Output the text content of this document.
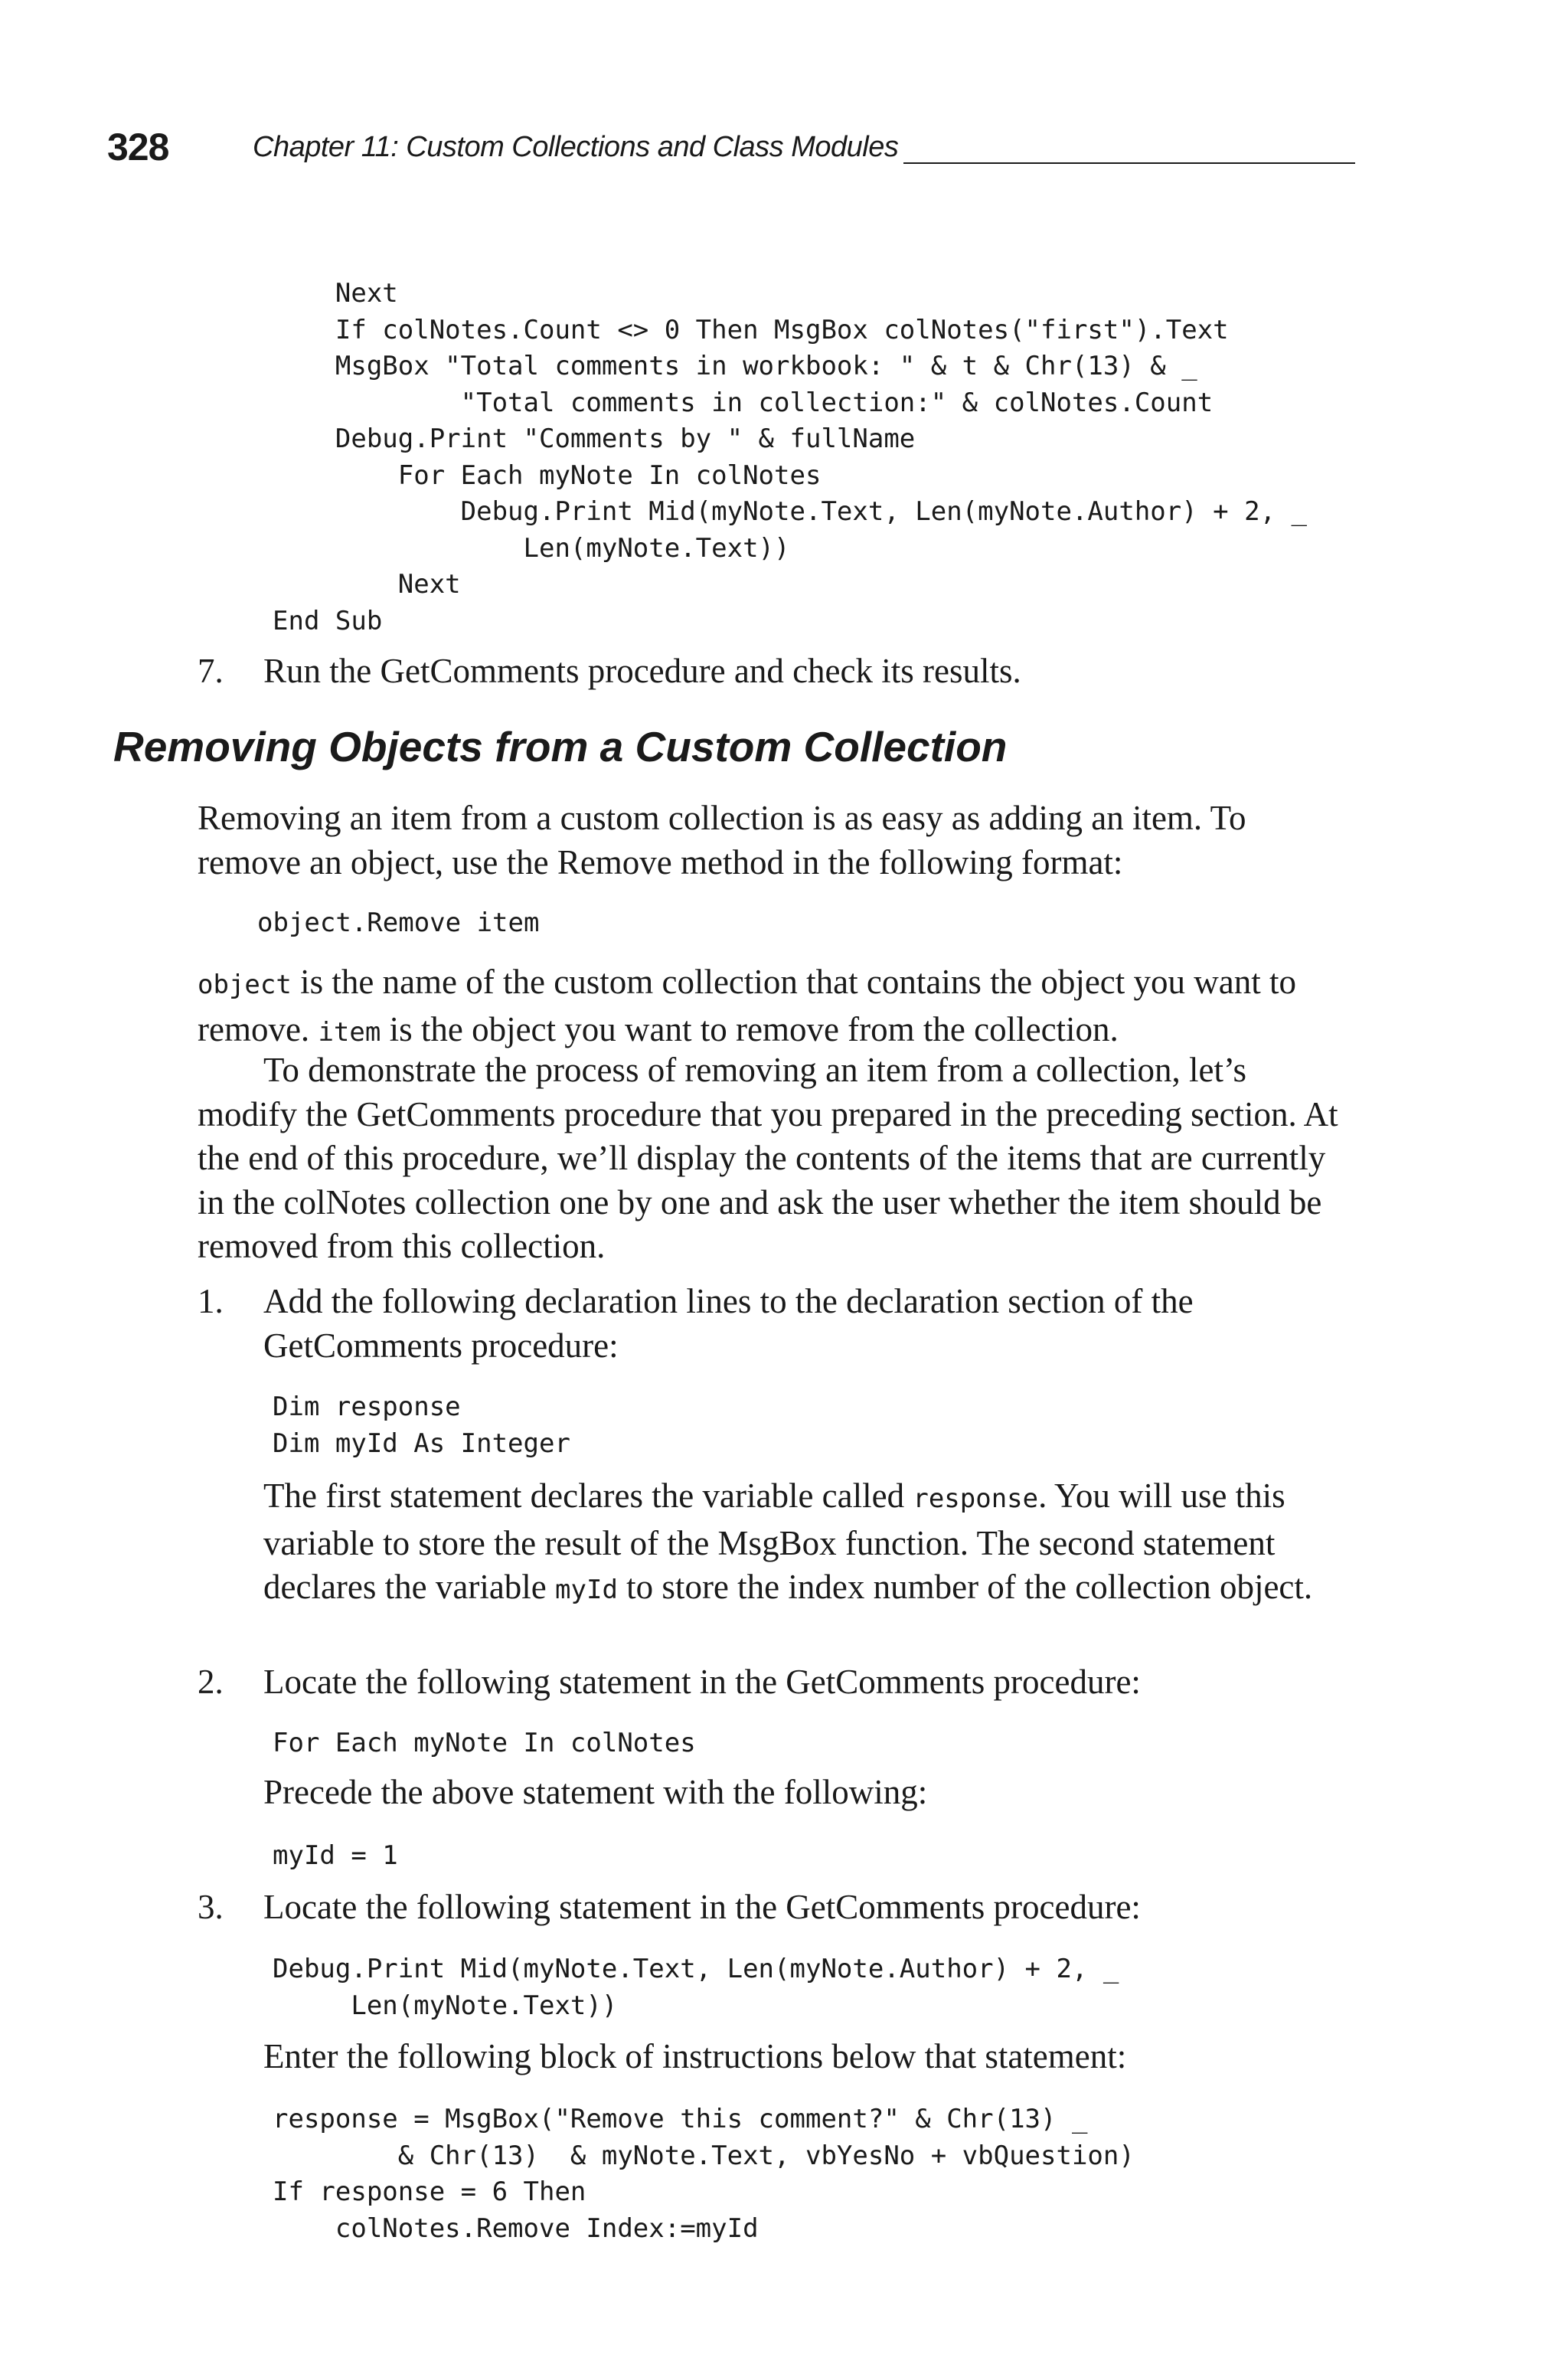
328	Chapter 11: Custom Collections and Class Modules
Next
If colNotes.Count <> 0 Then MsgBox colNotes("first").Text
MsgBox "Total comments in workbook: " & t & Chr(13) & _
"Total comments in collection:" & colNotes.Count
Debug.Print "Comments by " & fullName
For Each myNote In colNotes
Debug.Print Mid(myNote.Text, Len(myNote.Author) + 2, _
Len(myNote.Text))
Next
End Sub
7. Run the GetComments procedure and check its results.

Removing Objects from a Custom Collection

Removing an item from a custom collection is as easy as adding an item. To remove an object, use the Remove method in the following format:

object.Remove item

object is the name of the custom collection that contains the object you want to remove. item is the object you want to remove from the collection.

To demonstrate the process of removing an item from a collection, let’s modify the GetComments procedure that you prepared in the preceding section. At the end of this procedure, we’ll display the contents of the items that are currently in the colNotes collection one by one and ask the user whether the item should be removed from this collection.

1. Add the following declaration lines to the declaration section of the GetComments procedure:

Dim response
Dim myId As Integer

The first statement declares the variable called response. You will use this variable to store the result of the MsgBox function. The second statement declares the variable myId to store the index number of the collection object.

2. Locate the following statement in the GetComments procedure:

For Each myNote In colNotes

Precede the above statement with the following:

myId = 1
3. Locate the following statement in the GetComments procedure:

Debug.Print Mid(myNote.Text, Len(myNote.Author) + 2, _
Len(myNote.Text))

Enter the following block of instructions below that statement:

response = MsgBox("Remove this comment?" & Chr(13) _
& Chr(13)  & myNote.Text, vbYesNo + vbQuestion)
If response = 6 Then
colNotes.Remove Index:=myId
